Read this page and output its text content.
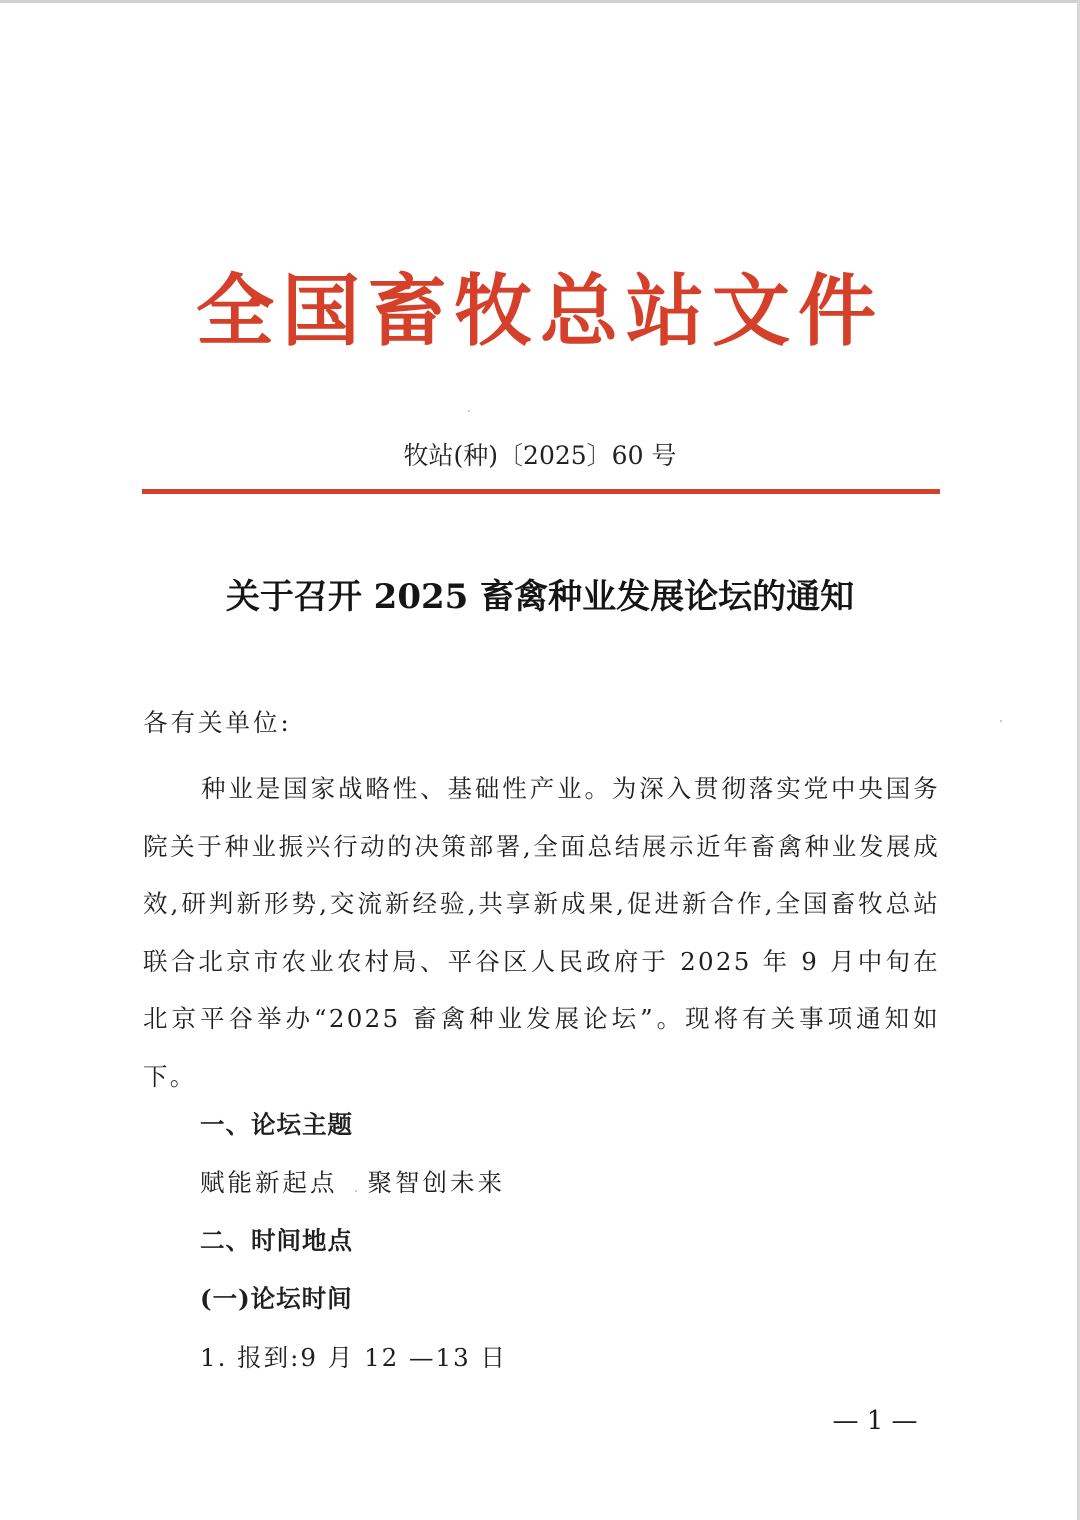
全国畜牧总站文件
牧站(种)〔2025〕60 号
关于召开 2025 畜禽种业发展论坛的通知
各有关单位:
种业是国家战略性、基础性产业。为深入贯彻落实党中央国务院关于种业振兴行动的决策部署,全面总结展示近年畜禽种业发展成效,研判新形势,交流新经验,共享新成果,促进新合作,全国畜牧总站联合北京市农业农村局、平谷区人民政府于 2025 年 9 月中旬在北京平谷举办“2025 畜禽种业发展论坛”。现将有关事项通知如下。
一、论坛主题
赋能新起点 聚智创未来
二、时间地点
(一)论坛时间
1. 报到:9 月 12 —13 日
— 1 —
